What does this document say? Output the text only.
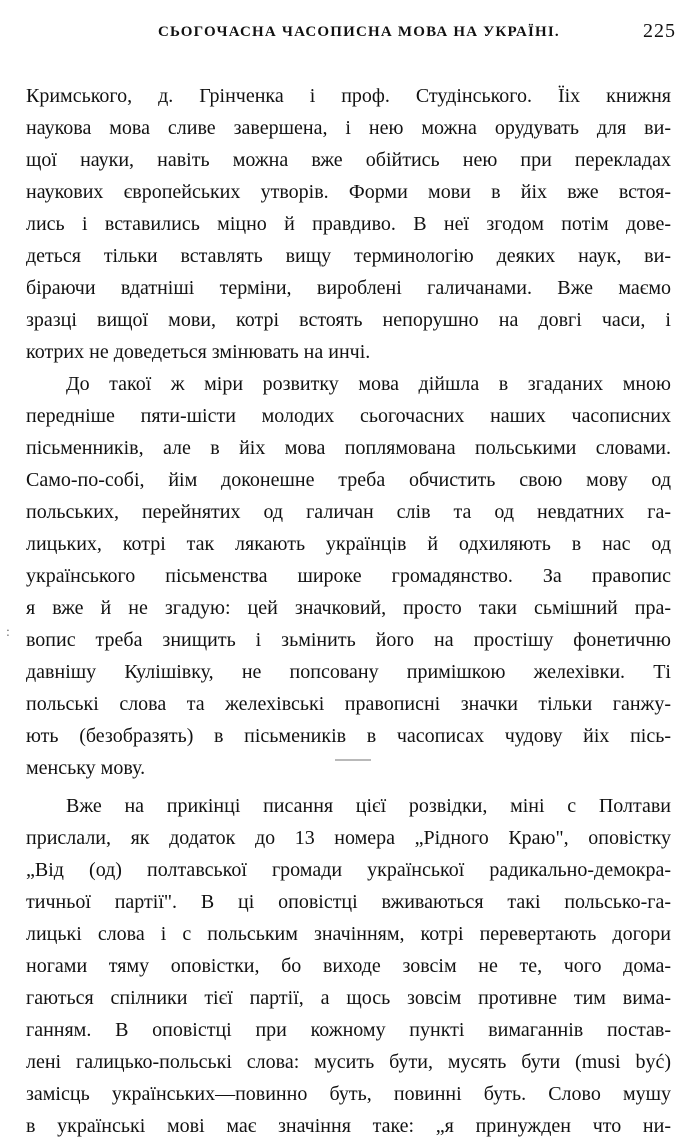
СЬОГОЧАСНА ЧАСОПИСНА МОВА НА УКРАЇНІ.	225
Кримського, д. Грінченка і проф. Студінського. Їіх книжня
наукова мова сливе завершена, і нею можна орудувать для ви-
щої науки, навіть можна вже обійтись нею при перекладах
наукових європейських утворів. Форми мови в йіх вже встоя-
лись і вставились міцно й правдиво. В неї згодом потім дове-
деться тільки вставлять вищу терминологію деяких наук, ви-
біраючи вдатніші терміни, вироблені галичанами. Вже маємо
зразці вищої мови, котрі встоять непорушно на довгі часи, і
котрих не доведеться змінювать на инчі.
До такої ж міри розвитку мова дійшла в згаданих мною
передніше пяти-шісти молодих сьогочасних наших часописних
піcьменників, але в йіх мова поплямована польськими словами.
Само-по-собі, йім доконешне треба обчистить свою мову од
польських, перейнятих од галичан слів та од невдатних га-
лицьких, котрі так лякають українців й одхиляють в нас од
українського пісьменства широке громадянство. За правопис
я вже й не згадую: цей значковий, просто таки сьмішний пра-
вопис треба знищить і зьмінить його на простішу фонетичню
давнішу Кулішівку, не попсовану примішкою желехівки. Ті
польські слова та желехівські правописні значки тільки ганжу-
ють (безобразять) в пісьмеників в часописах чудову йіх пісь-
менську мову.
:
Вже на прикінці писання цієї розвідки, міні с Полтави
прислали, як додаток до 13 номера „Рідного Краю", оповістку
„Від (од) полтавської громади української радикально-демокра-
тичньої партії". В ці оповістці вживаються такі польсько-га-
лицькі слова і с польським значінням, котрі перевертають догори
ногами тяму оповістки, бо виходе зовсім не те, чого дома-
гаються спілники тієї партії, а щось зовсім противне тим вима-
ганням. В оповістці при кожному пункті вимаганнів постав-
лені галицько-польські слова: мусить бути, мусять бути (musi być)
замісць українських—повинно буть, повинні буть. Слово мушу
в українські мові має значіння таке: „я принужден что ни-
